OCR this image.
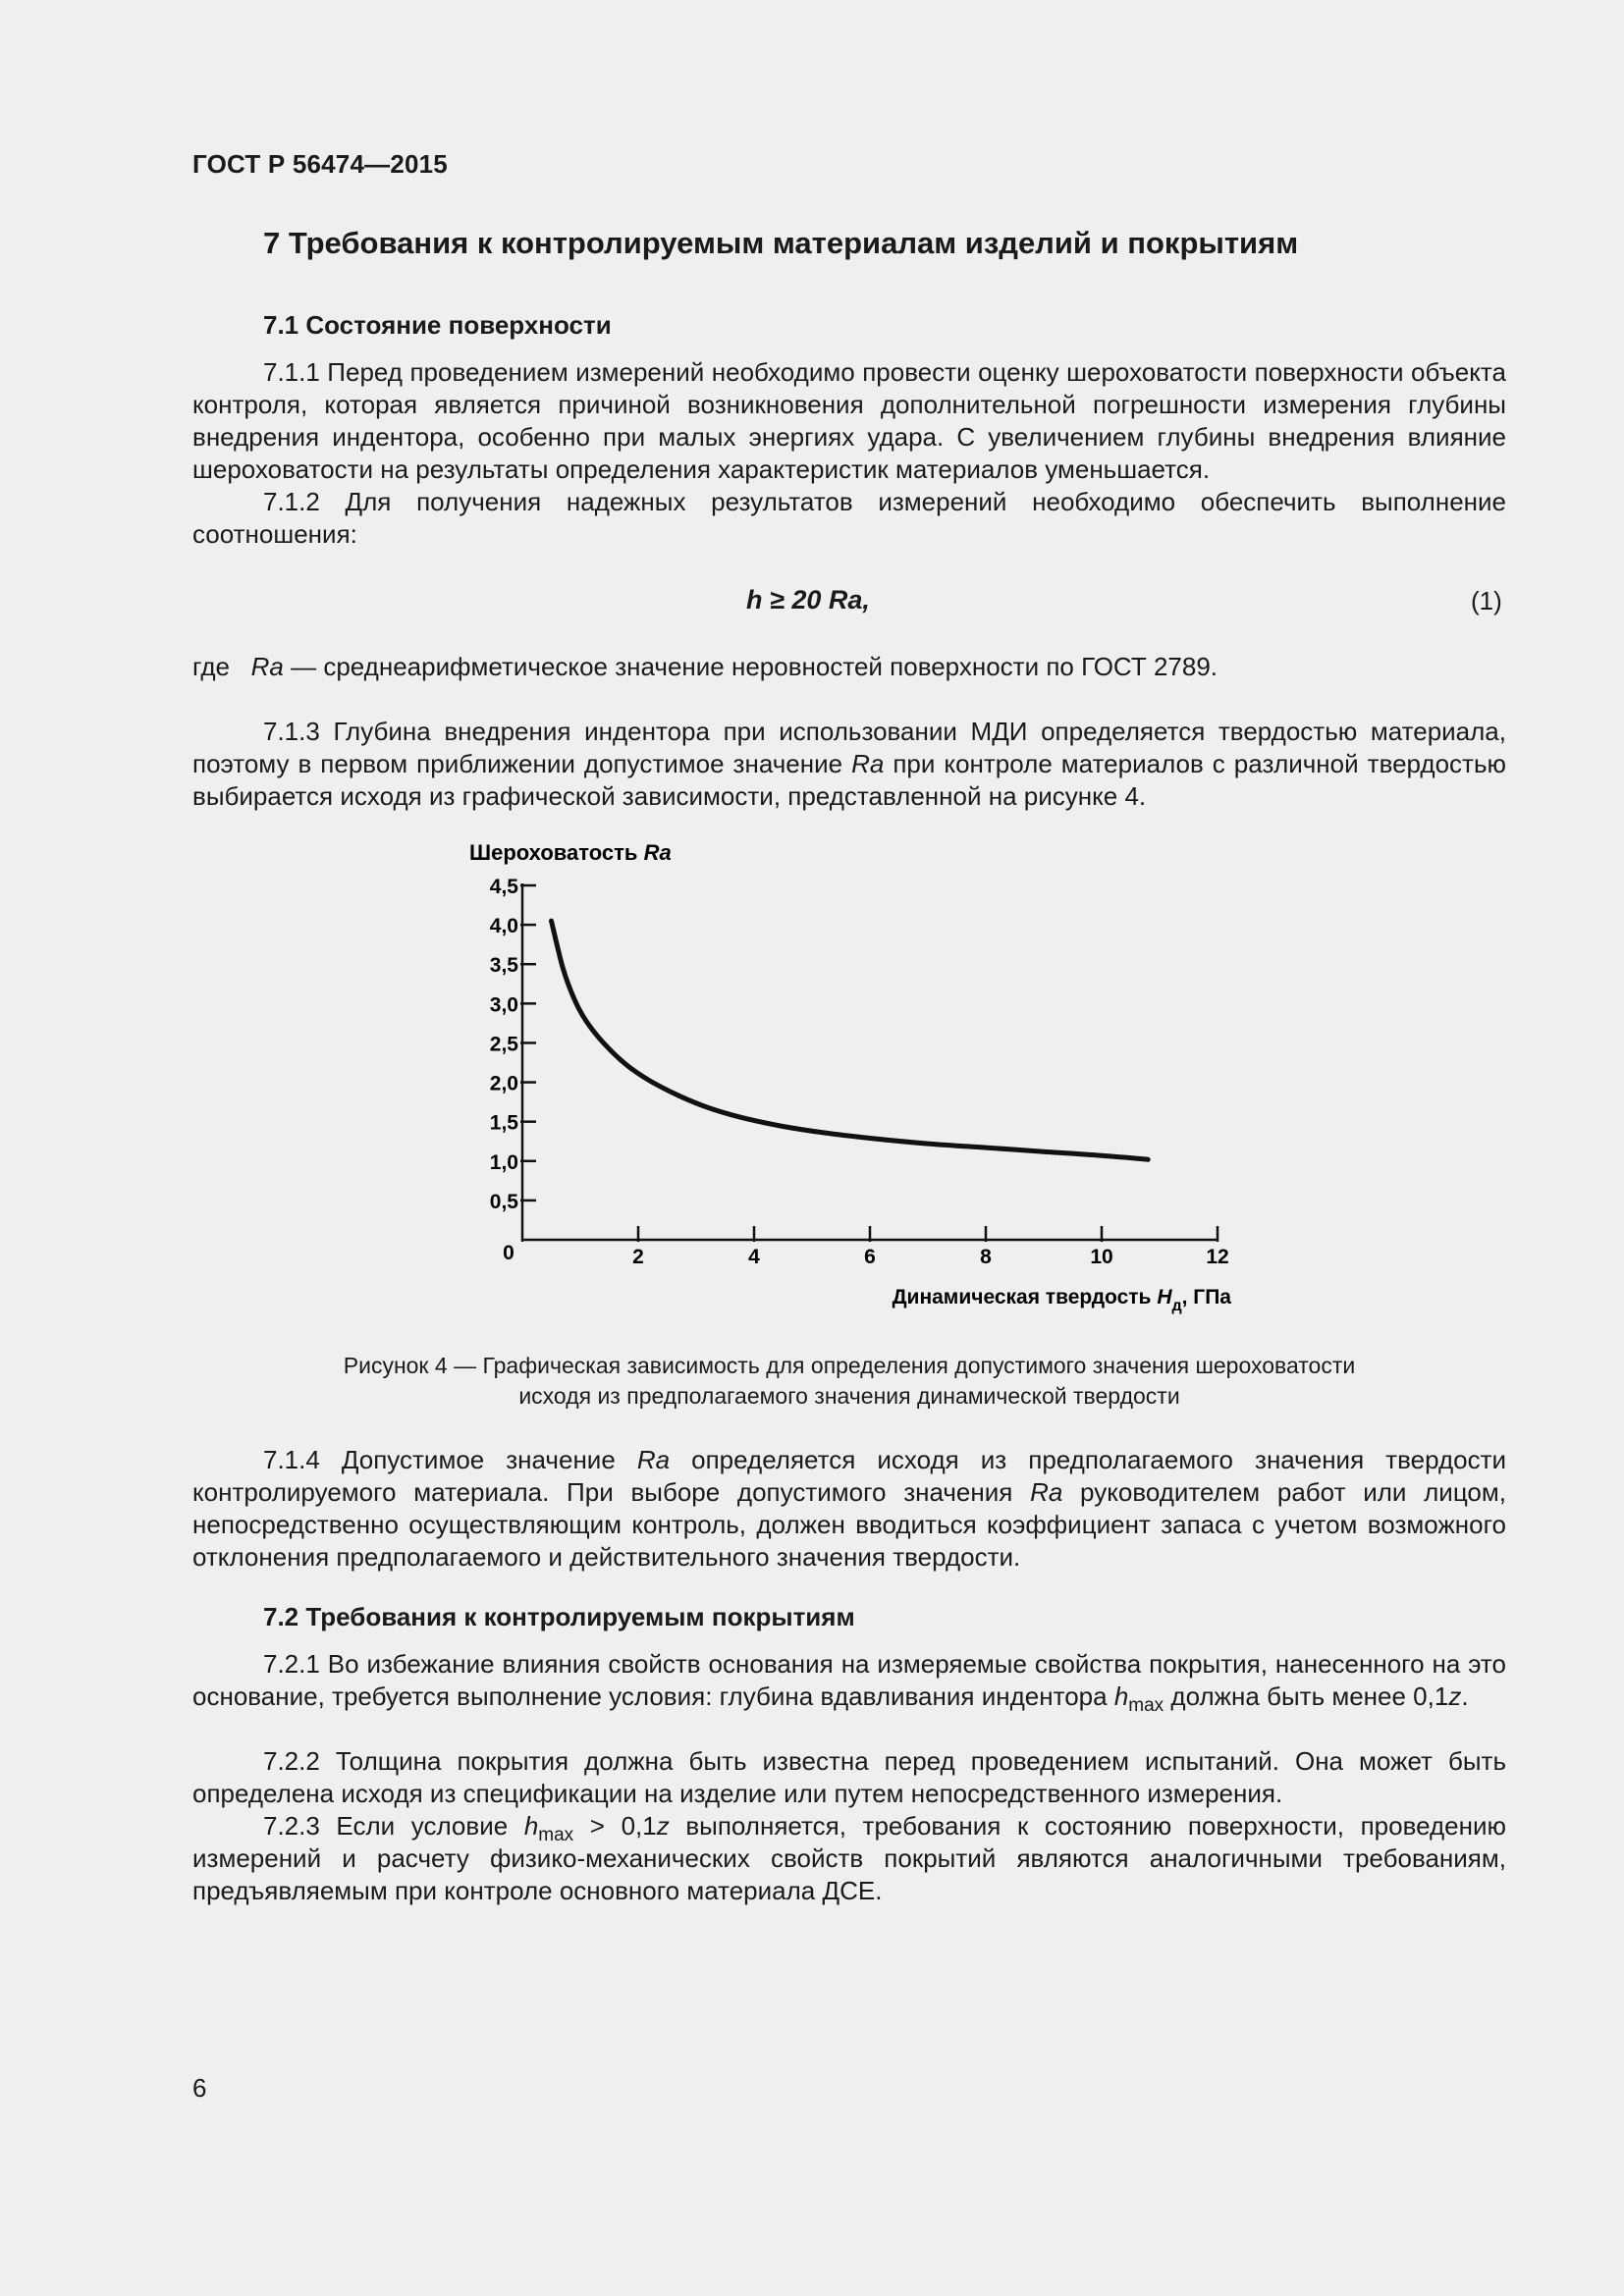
ГОСТ Р 56474—2015
7 Требования к контролируемым материалам изделий и покрытиям
7.1 Состояние поверхности
7.1.1 Перед проведением измерений необходимо провести оценку шероховатости поверхности объекта контроля, которая является причиной возникновения дополнительной погрешности измерения глубины внедрения индентора, особенно при малых энергиях удара. С увеличением глубины внедрения влияние шероховатости на результаты определения характеристик материалов уменьшается.
7.1.2 Для получения надежных результатов измерений необходимо обеспечить выполнение соотношения:
h ≥ 20 Ra,	(1)
где Ra — среднеарифметическое значение неровностей поверхности по ГОСТ 2789.
7.1.3 Глубина внедрения индентора при использовании МДИ определяется твердостью материала, поэтому в первом приближении допустимое значение Ra при контроле материалов с различной твердостью выбирается исходя из графической зависимости, представленной на рисунке 4.
Шероховатость Ra
0,5
1,0
1,5
2,0
2,5
3,0
3,5
4,0
4,5
2	4	6	8	10	12
0
Динамическая твердость $H_д$, ГПа
Рисунок 4 — Графическая зависимость для определения допустимого значения шероховатости
исходя из предполагаемого значения динамической твердости
7.1.4 Допустимое значение Ra определяется исходя из предполагаемого значения твердости контролируемого материала. При выборе допустимого значения Ra руководителем работ или лицом, непосредственно осуществляющим контроль, должен вводиться коэффициент запаса с учетом возможного отклонения предполагаемого и действительного значения твердости.
7.2 Требования к контролируемым покрытиям
7.2.1 Во избежание влияния свойств основания на измеряемые свойства покрытия, нанесенного на это основание, требуется выполнение условия: глубина вдавливания индентора $h_{max}$ должна быть менее 0,1z.
7.2.2 Толщина покрытия должна быть известна перед проведением испытаний. Она может быть определена исходя из спецификации на изделие или путем непосредственного измерения.
7.2.3 Если условие $h_{max} > 0,1z$ выполняется, требования к состоянию поверхности, проведению измерений и расчету физико-механических свойств покрытий являются аналогичными требованиям, предъявляемым при контроле основного материала ДСЕ.
6
